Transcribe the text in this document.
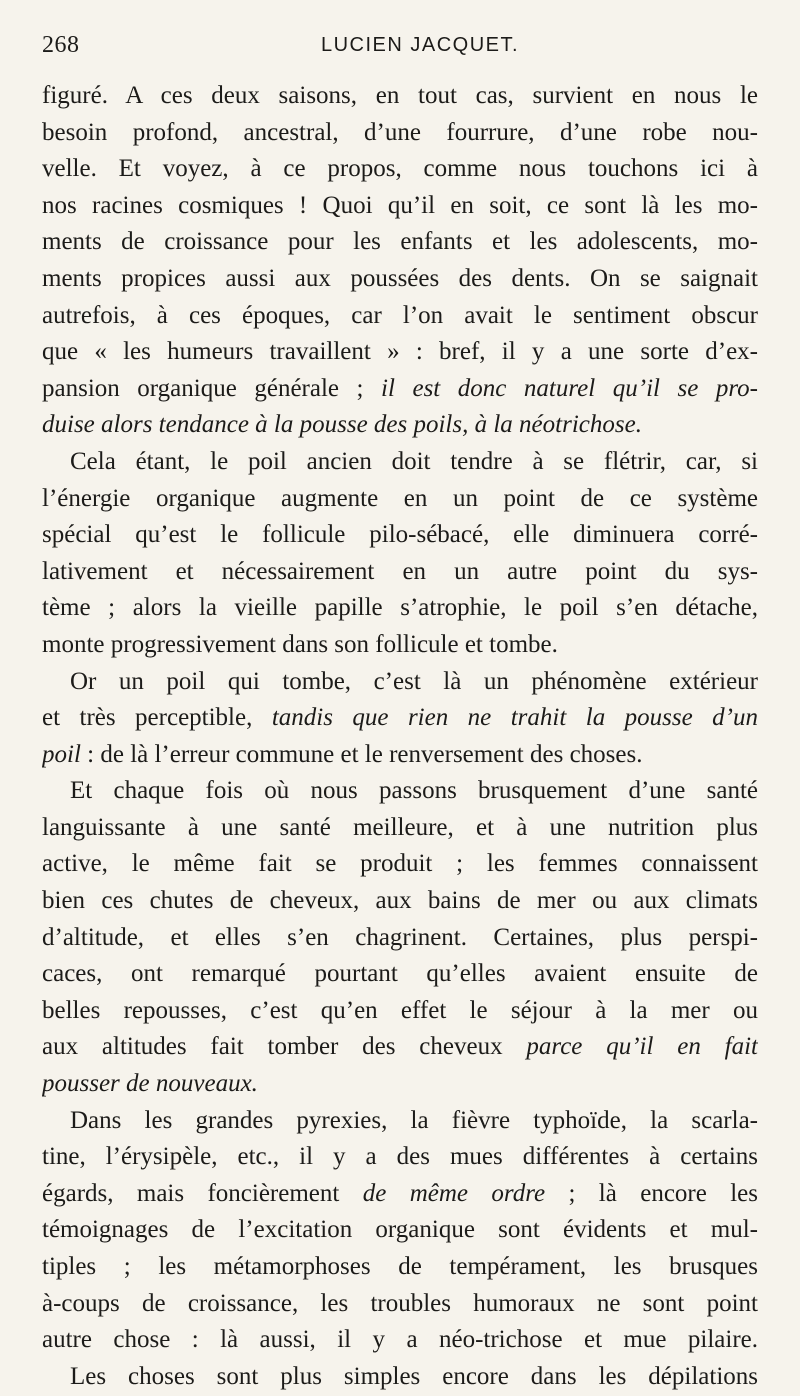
268	LUCIEN JACQUET.
figuré. A ces deux saisons, en tout cas, survient en nous le
besoin profond, ancestral, d’une fourrure, d’une robe nou-
velle. Et voyez, à ce propos, comme nous touchons ici à
nos racines cosmiques ! Quoi qu’il en soit, ce sont là les mo-
ments de croissance pour les enfants et les adolescents, mo-
ments propices aussi aux poussées des dents. On se saignait
autrefois, à ces époques, car l’on avait le sentiment obscur
que « les humeurs travaillent » : bref, il y a une sorte d’ex-
pansion organique générale ; il est donc naturel qu’il se pro-
duise alors tendance à la pousse des poils, à la néotrichose.
Cela étant, le poil ancien doit tendre à se flétrir, car, si
l’énergie organique augmente en un point de ce système
spécial qu’est le follicule pilo-sébacé, elle diminuera corré-
lativement et nécessairement en un autre point du sys-
tème ; alors la vieille papille s’atrophie, le poil s’en détache,
monte progressivement dans son follicule et tombe.
Or un poil qui tombe, c’est là un phénomène extérieur
et très perceptible, tandis que rien ne trahit la pousse d’un
poil : de là l’erreur commune et le renversement des choses.
Et chaque fois où nous passons brusquement d’une santé
languissante à une santé meilleure, et à une nutrition plus
active, le même fait se produit ; les femmes connaissent
bien ces chutes de cheveux, aux bains de mer ou aux climats
d’altitude, et elles s’en chagrinent. Certaines, plus perspi-
caces, ont remarqué pourtant qu’elles avaient ensuite de
belles repousses, c’est qu’en effet le séjour à la mer ou
aux altitudes fait tomber des cheveux parce qu’il en fait
pousser de nouveaux.
Dans les grandes pyrexies, la fièvre typhoïde, la scarla-
tine, l’érysipèle, etc., il y a des mues différentes à certains
égards, mais foncièrement de même ordre ; là encore les
témoignages de l’excitation organique sont évidents et mul-
tiples ; les métamorphoses de tempérament, les brusques
à-coups de croissance, les troubles humoraux ne sont point
autre chose : là aussi, il y a néo-trichose et mue pilaire.
Les choses sont plus simples encore dans les dépilations
